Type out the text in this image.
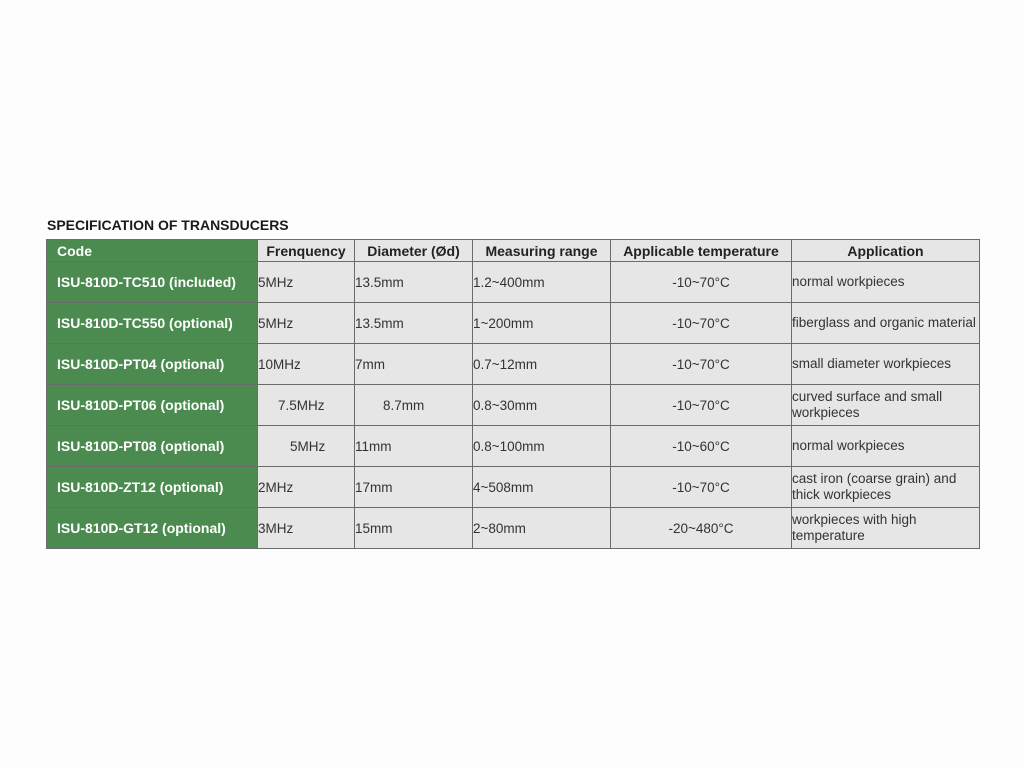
SPECIFICATION OF TRANSDUCERS
Code	Frenquency	Diameter (Ød)	Measuring range	Applicable temperature	Application
ISU-810D-TC510 (included)	5MHz	13.5mm	1.2~400mm	-10~70°C	normal workpieces
ISU-810D-TC550 (optional)	5MHz	13.5mm	1~200mm	-10~70°C	fiberglass and organic material
ISU-810D-PT04 (optional)	10MHz	7mm	0.7~12mm	-10~70°C	small diameter workpieces
ISU-810D-PT06 (optional)	7.5MHz	8.7mm	0.8~30mm	-10~70°C	curved surface and small workpieces
ISU-810D-PT08 (optional)	5MHz	11mm	0.8~100mm	-10~60°C	normal workpieces
ISU-810D-ZT12 (optional)	2MHz	17mm	4~508mm	-10~70°C	cast iron (coarse grain) and thick workpieces
ISU-810D-GT12 (optional)	3MHz	15mm	2~80mm	-20~480°C	workpieces with high temperature
